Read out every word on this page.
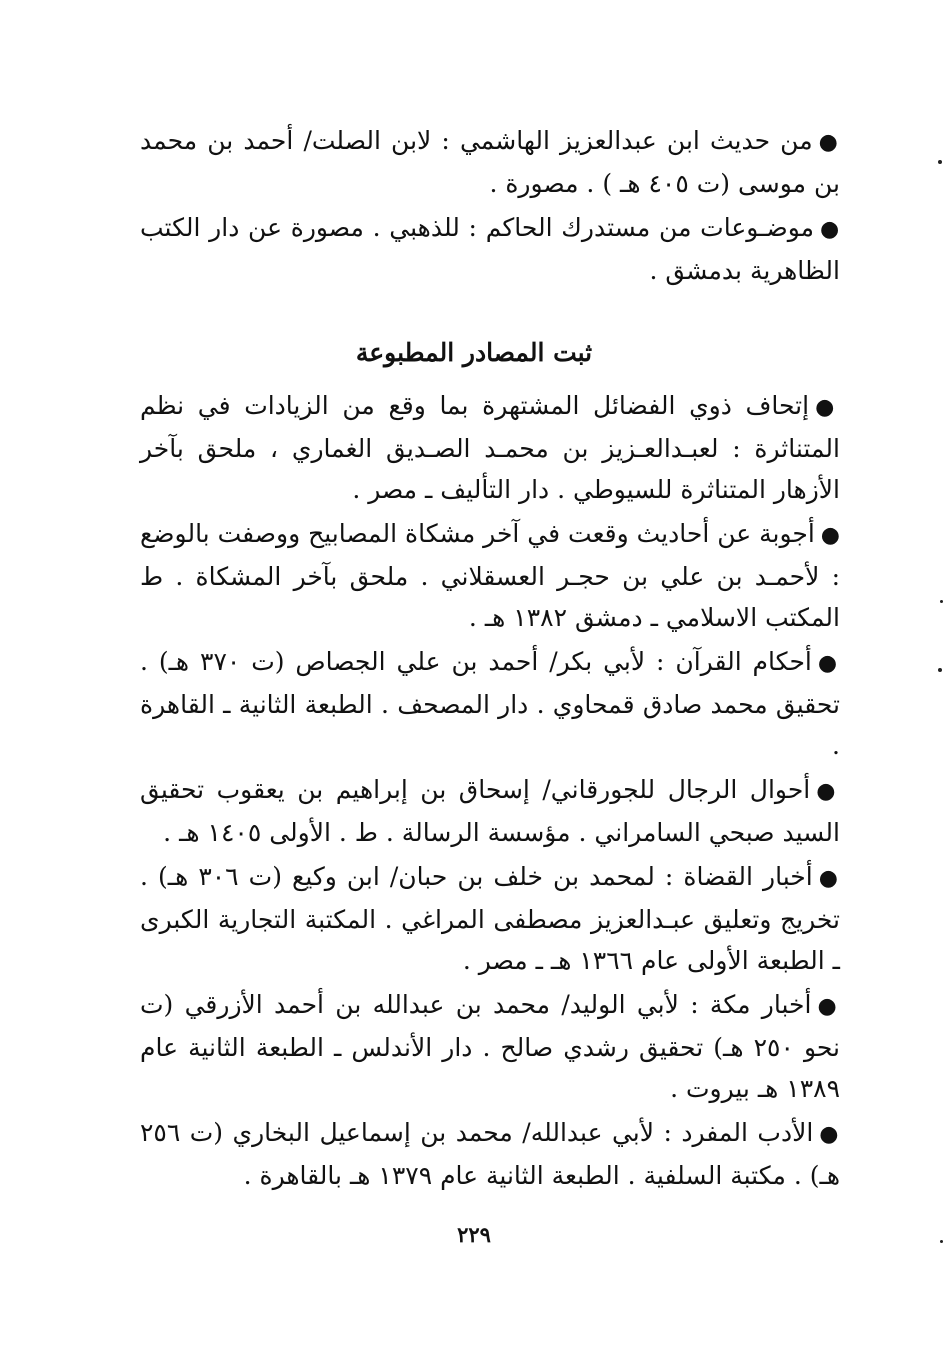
●من حديث ابن عبدالعزيز الهاشمي : لابن الصلت/ أحمد بن محمد بن موسى (ت ٤٠٥ هـ ) . مصورة .

●موضـوعات من مستدرك الحاكم : للذهبي . مصورة عن دار الكتب الظاهرية بدمشق .

ثبت المصادر المطبوعة

●إتحاف ذوي الفضائل المشتهرة بما وقع من الزيادات في نظم المتناثرة : لعبـدالعـزيز بن محمـد الصـديق الغماري ، ملحق بآخر الأزهار المتناثرة للسيوطي . دار التأليف ـ مصر .

●أجوبة عن أحاديث وقعت في آخر مشكاة المصابيح ووصفت بالوضع : لأحمـد بن علي بن حجـر العسقلاني . ملحق بآخر المشكاة . ط المكتب الاسلامي ـ دمشق ١٣٨٢ هـ .

●أحكام القرآن : لأبي بكر/ أحمد بن علي الجصاص (ت ٣٧٠ هـ) . تحقيق محمد صادق قمحاوي . دار المصحف . الطبعة الثانية ـ القاهرة .

●أحوال الرجال للجورقاني/ إسحاق بن إبراهيم بن يعقوب تحقيق السيد صبحي السامراني . مؤسسة الرسالة . ط . الأولى ١٤٠٥ هـ .

●أخبار القضاة : لمحمد بن خلف بن حبان/ ابن وكيع (ت ٣٠٦ هـ) . تخريج وتعليق عبـدالعزيز مصطفى المراغي . المكتبة التجارية الكبرى ـ الطبعة الأولى عام ١٣٦٦ هـ ـ مصر .

●أخبار مكة : لأبي الوليد/ محمد بن عبدالله بن أحمد الأزرقي (ت نحو ٢٥٠ هـ) تحقيق رشدي صالح . دار الأندلس ـ الطبعة الثانية عام ١٣٨٩ هـ بيروت .

●الأدب المفرد : لأبي عبدالله/ محمد بن إسماعيل البخاري (ت ٢٥٦ هـ) . مكتبة السلفية . الطبعة الثانية عام ١٣٧٩ هـ بالقاهرة .

٢٢٩
